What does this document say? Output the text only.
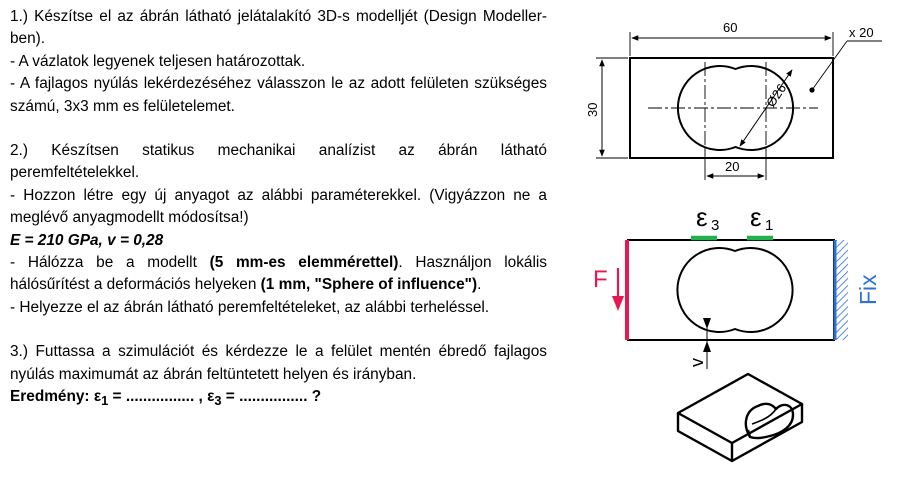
1.) Készítse el az ábrán látható jelátalakító 3D-s modelljét (Design Modeller-ben).

- A vázlatok legyenek teljesen határozottak.

- A fajlagos nyúlás lekérdezéséhez válasszon le az adott felületen szükséges számú, 3x3 mm es felületelemet.

2.) Készítsen statikus mechanikai analízist az ábrán látható peremfeltételekkel.

- Hozzon létre egy új anyagot az alábbi paraméterekkel. (Vigyázzon ne a meglévő anyagmodellt módosítsa!)

E = 210 GPa, v = 0,28

- Hálózza be a modellt (5 mm-es elemmérettel). Használjon lokális hálósűrítést a deformációs helyeken (1 mm, "Sphere of influence").

- Helyezze el az ábrán látható peremfeltételeket, az alábbi terheléssel.

3.) Futtassa a szimulációt és kérdezze le a felület mentén ébredő fajlagos nyúlás maximumát az ábrán feltüntetett helyen és irányban.

Eredmény: $\varepsilon_1$ = ................ , $\varepsilon_3$ = ................ ?

Ø26
60
30
x 20
20
ε 3 ε 1
F	Fix
v
